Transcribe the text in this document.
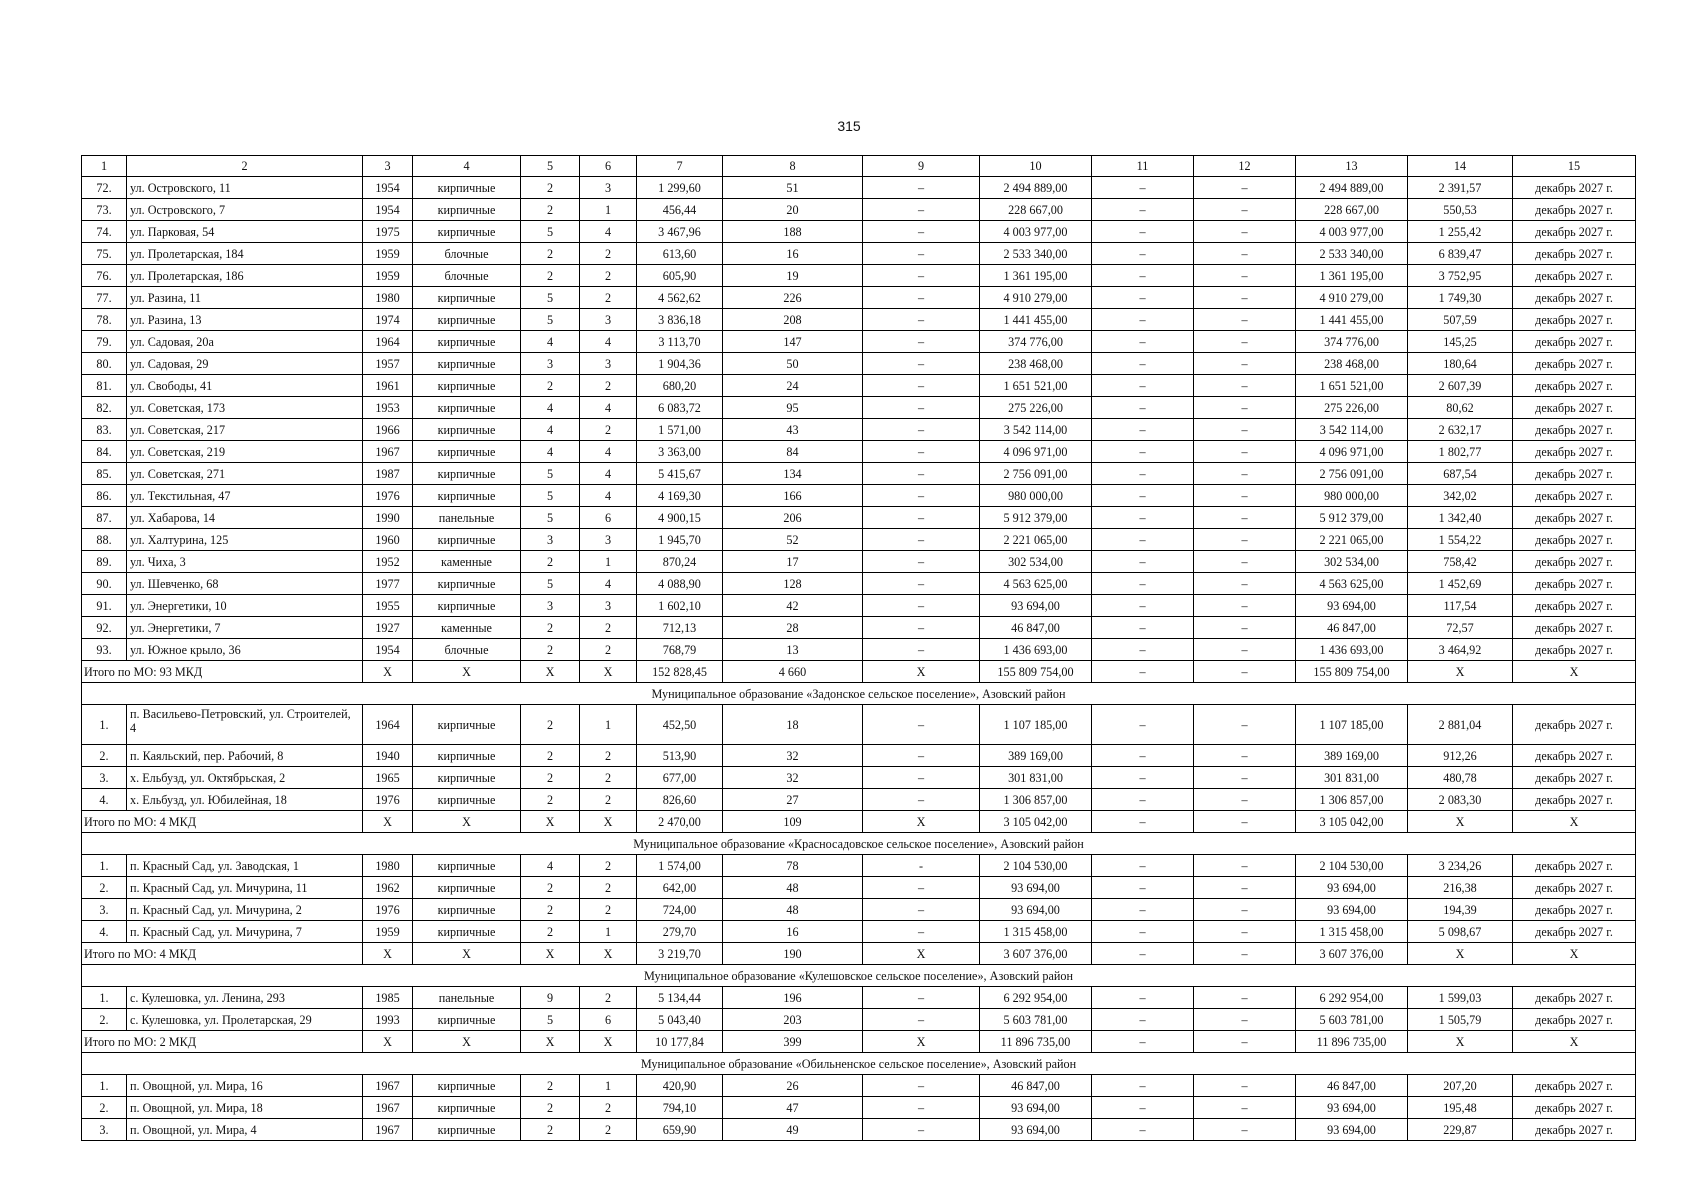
315
1	2	3	4	5	6	7	8	9	10	11	12	13	14	15
72.	ул. Островского, 11	1954	кирпичные	2	3	1 299,60	51	–	2 494 889,00	–	–	2 494 889,00	2 391,57	декабрь 2027 г.
73.	ул. Островского, 7	1954	кирпичные	2	1	456,44	20	–	228 667,00	–	–	228 667,00	550,53	декабрь 2027 г.
74.	ул. Парковая, 54	1975	кирпичные	5	4	3 467,96	188	–	4 003 977,00	–	–	4 003 977,00	1 255,42	декабрь 2027 г.
75.	ул. Пролетарская, 184	1959	блочные	2	2	613,60	16	–	2 533 340,00	–	–	2 533 340,00	6 839,47	декабрь 2027 г.
76.	ул. Пролетарская, 186	1959	блочные	2	2	605,90	19	–	1 361 195,00	–	–	1 361 195,00	3 752,95	декабрь 2027 г.
77.	ул. Разина, 11	1980	кирпичные	5	2	4 562,62	226	–	4 910 279,00	–	–	4 910 279,00	1 749,30	декабрь 2027 г.
78.	ул. Разина, 13	1974	кирпичные	5	3	3 836,18	208	–	1 441 455,00	–	–	1 441 455,00	507,59	декабрь 2027 г.
79.	ул. Садовая, 20а	1964	кирпичные	4	4	3 113,70	147	–	374 776,00	–	–	374 776,00	145,25	декабрь 2027 г.
80.	ул. Садовая, 29	1957	кирпичные	3	3	1 904,36	50	–	238 468,00	–	–	238 468,00	180,64	декабрь 2027 г.
81.	ул. Свободы, 41	1961	кирпичные	2	2	680,20	24	–	1 651 521,00	–	–	1 651 521,00	2 607,39	декабрь 2027 г.
82.	ул. Советская, 173	1953	кирпичные	4	4	6 083,72	95	–	275 226,00	–	–	275 226,00	80,62	декабрь 2027 г.
83.	ул. Советская, 217	1966	кирпичные	4	2	1 571,00	43	–	3 542 114,00	–	–	3 542 114,00	2 632,17	декабрь 2027 г.
84.	ул. Советская, 219	1967	кирпичные	4	4	3 363,00	84	–	4 096 971,00	–	–	4 096 971,00	1 802,77	декабрь 2027 г.
85.	ул. Советская, 271	1987	кирпичные	5	4	5 415,67	134	–	2 756 091,00	–	–	2 756 091,00	687,54	декабрь 2027 г.
86.	ул. Текстильная, 47	1976	кирпичные	5	4	4 169,30	166	–	980 000,00	–	–	980 000,00	342,02	декабрь 2027 г.
87.	ул. Хабарова, 14	1990	панельные	5	6	4 900,15	206	–	5 912 379,00	–	–	5 912 379,00	1 342,40	декабрь 2027 г.
88.	ул. Халтурина, 125	1960	кирпичные	3	3	1 945,70	52	–	2 221 065,00	–	–	2 221 065,00	1 554,22	декабрь 2027 г.
89.	ул. Чиха, 3	1952	каменные	2	1	870,24	17	–	302 534,00	–	–	302 534,00	758,42	декабрь 2027 г.
90.	ул. Шевченко, 68	1977	кирпичные	5	4	4 088,90	128	–	4 563 625,00	–	–	4 563 625,00	1 452,69	декабрь 2027 г.
91.	ул. Энергетики, 10	1955	кирпичные	3	3	1 602,10	42	–	93 694,00	–	–	93 694,00	117,54	декабрь 2027 г.
92.	ул. Энергетики, 7	1927	каменные	2	2	712,13	28	–	46 847,00	–	–	46 847,00	72,57	декабрь 2027 г.
93.	ул. Южное крыло, 36	1954	блочные	2	2	768,79	13	–	1 436 693,00	–	–	1 436 693,00	3 464,92	декабрь 2027 г.
Итого по МО: 93 МКД		X	X	X	X	152 828,45	4 660	X	155 809 754,00	–	–	155 809 754,00	X	X
Муниципальное образование «Задонское сельское поселение», Азовский район														
1.	п. Васильево-Петровский, ул. Строителей, 4	1964	кирпичные	2	1	452,50	18	–	1 107 185,00	–	–	1 107 185,00	2 881,04	декабрь 2027 г.
2.	п. Каяльский, пер. Рабочий, 8	1940	кирпичные	2	2	513,90	32	–	389 169,00	–	–	389 169,00	912,26	декабрь 2027 г.
3.	х. Ельбузд, ул. Октябрьская, 2	1965	кирпичные	2	2	677,00	32	–	301 831,00	–	–	301 831,00	480,78	декабрь 2027 г.
4.	х. Ельбузд, ул. Юбилейная, 18	1976	кирпичные	2	2	826,60	27	–	1 306 857,00	–	–	1 306 857,00	2 083,30	декабрь 2027 г.
Итого по МО: 4 МКД		X	X	X	X	2 470,00	109	X	3 105 042,00	–	–	3 105 042,00	X	X
Муниципальное образование «Красносадовское сельское поселение», Азовский район														
1.	п. Красный Сад, ул. Заводская, 1	1980	кирпичные	4	2	1 574,00	78	-	2 104 530,00	–	–	2 104 530,00	3 234,26	декабрь 2027 г.
2.	п. Красный Сад, ул. Мичурина, 11	1962	кирпичные	2	2	642,00	48	–	93 694,00	–	–	93 694,00	216,38	декабрь 2027 г.
3.	п. Красный Сад, ул. Мичурина, 2	1976	кирпичные	2	2	724,00	48	–	93 694,00	–	–	93 694,00	194,39	декабрь 2027 г.
4.	п. Красный Сад, ул. Мичурина, 7	1959	кирпичные	2	1	279,70	16	–	1 315 458,00	–	–	1 315 458,00	5 098,67	декабрь 2027 г.
Итого по МО: 4 МКД		X	X	X	X	3 219,70	190	X	3 607 376,00	–	–	3 607 376,00	X	X
Муниципальное образование «Кулешовское сельское поселение», Азовский район														
1.	с. Кулешовка, ул. Ленина, 293	1985	панельные	9	2	5 134,44	196	–	6 292 954,00	–	–	6 292 954,00	1 599,03	декабрь 2027 г.
2.	с. Кулешовка, ул. Пролетарская, 29	1993	кирпичные	5	6	5 043,40	203	–	5 603 781,00	–	–	5 603 781,00	1 505,79	декабрь 2027 г.
Итого по МО: 2 МКД		X	X	X	X	10 177,84	399	X	11 896 735,00	–	–	11 896 735,00	X	X
Муниципальное образование «Обильненское сельское поселение», Азовский район														
1.	п. Овощной, ул. Мира, 16	1967	кирпичные	2	1	420,90	26	–	46 847,00	–	–	46 847,00	207,20	декабрь 2027 г.
2.	п. Овощной, ул. Мира, 18	1967	кирпичные	2	2	794,10	47	–	93 694,00	–	–	93 694,00	195,48	декабрь 2027 г.
3.	п. Овощной, ул. Мира, 4	1967	кирпичные	2	2	659,90	49	–	93 694,00	–	–	93 694,00	229,87	декабрь 2027 г.
